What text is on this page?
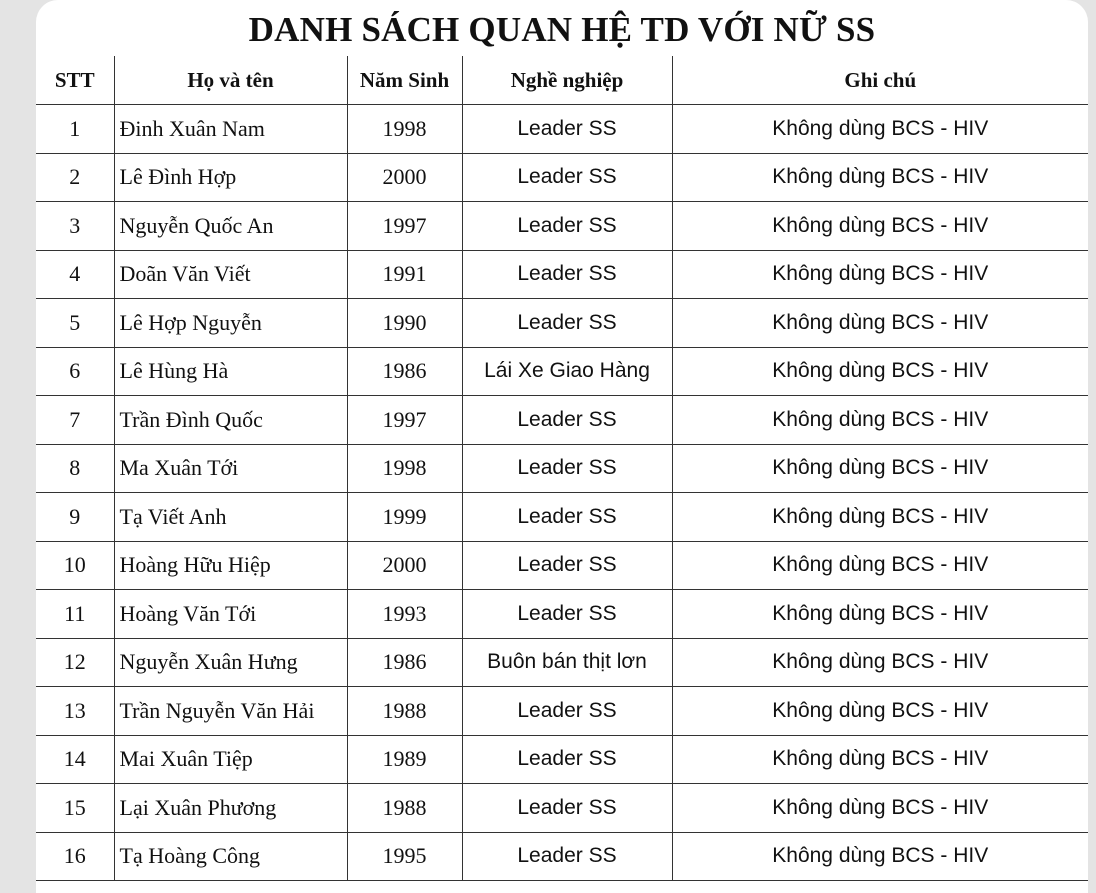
DANH SÁCH QUAN HỆ TD VỚI NỮ SS
STT	Họ và tên	Năm Sinh	Nghề nghiệp	Ghi chú
1	Đinh Xuân Nam	1998	Leader SS	Không dùng BCS - HIV
2	Lê Đình Hợp	2000	Leader SS	Không dùng BCS - HIV
3	Nguyễn Quốc An	1997	Leader SS	Không dùng BCS - HIV
4	Doãn Văn Viết	1991	Leader SS	Không dùng BCS - HIV
5	Lê Hợp Nguyễn	1990	Leader SS	Không dùng BCS - HIV
6	Lê Hùng Hà	1986	Lái Xe Giao Hàng	Không dùng BCS - HIV
7	Trần Đình Quốc	1997	Leader SS	Không dùng BCS - HIV
8	Ma Xuân Tới	1998	Leader SS	Không dùng BCS - HIV
9	Tạ Viết Anh	1999	Leader SS	Không dùng BCS - HIV
10	Hoàng Hữu Hiệp	2000	Leader SS	Không dùng BCS - HIV
11	Hoàng Văn Tới	1993	Leader SS	Không dùng BCS - HIV
12	Nguyễn Xuân Hưng	1986	Buôn bán thịt lơn	Không dùng BCS - HIV
13	Trần Nguyễn Văn Hải	1988	Leader SS	Không dùng BCS - HIV
14	Mai Xuân Tiệp	1989	Leader SS	Không dùng BCS - HIV
15	Lại Xuân Phương	1988	Leader SS	Không dùng BCS - HIV
16	Tạ Hoàng Công	1995	Leader SS	Không dùng BCS - HIV
